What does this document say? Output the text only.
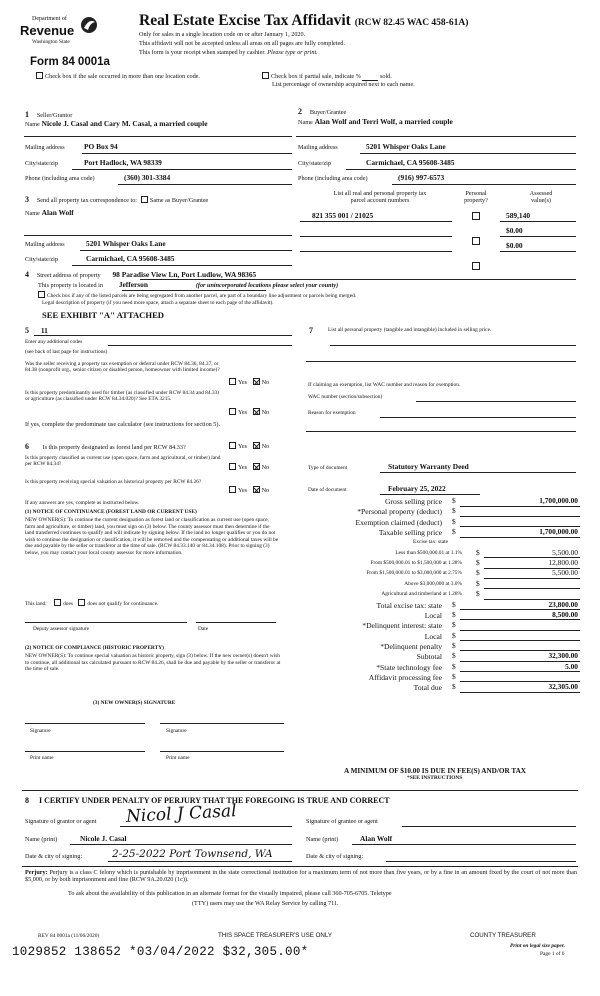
Department of
Revenue
Washington State
Form 84 0001a
Real Estate Excise Tax Affidavit (RCW 82.45 WAC 458-61A)
Only for sales in a single location code on or after January 1, 2020.
This affidavit will not be accepted unless all areas on all pages are fully completed.
This form is your receipt when stamped by cashier. Please type or print.
Check box if the sale occurred in more than one location code.	Check box if partial sale, indicate %	sold.
List percentage of ownership acquired next to each name.
1 Seller/Grantor
Name Nicole J. Casal and Cary M. Casal, a married couple
Mailing address	PO Box 94
City/state/zip	Port Hadlock, WA 98339
Phone (including area code)	(360) 301-3384
2 Buyer/Grantee
Name Alan Wolf and Terri Wolf, a married couple
Mailing address	5201 Whisper Oaks Lane
City/state/zip	Carmichael, CA 95608-3485
Phone (including area code)	(916) 997-6573
3 Send all property tax correspondence to: Same as Buyer/Grantee
Name Alan Wolf
Mailing address	5201 Whisper Oaks Lane
City/state/zip	Carmichael, CA 95608-3485
List all real and personal property tax
parcel account numbers
Personal
property?
Assessed
value(s)
821 355 001 / 21025	589,140
$0.00
$0.00
4 Street address of property 98 Paradise View Ln, Port Ludlow, WA 98365
This property is located in Jefferson	(for unincorporated locations please select your county)
Check box if any of the listed parcels are being segregated from another parcel, are part of a boundary line adjustment or parcels being merged.
Legal description of property (if you need more space, attach a separate sheet to each page of the affidavit).
SEE EXHIBIT "A" ATTACHED
5 11
Enter any additional codes
(see back of last page for instructions)
Was the seller receiving a property tax exemption or deferral under RCW 84.36, 84.37, or 84.38 (nonprofit org., senior citizen or disabled person, homeowner with limited income)?
Yes No
Is this property predominantly used for timber (as classified under RCW 84.34 and 84.33) or agriculture (as classified under RCW 84.34.020)? See ETA 3215.
Yes No
If yes, complete the predominate use calculator (see instructions for section 5).
6 Is this property designated as forest land per RCW 84.33?	Yes No
Is this property classified as current use (open space, farm and agricultural, or timber) land per RCW 84.34?	Yes No
Is this property receiving special valuation as historical property per RCW 84.26?
Yes No
If any answers are yes, complete as instructed below.
(1) NOTICE OF CONTINUANCE (FOREST LAND OR CURRENT USE)
NEW OWNER(S): To continue the current designation as forest land or classification as current use (open space, farm and agriculture, or timber) land, you must sign on (3) below. The county assessor must then determine if the land transferred continues to qualify and will indicate by signing below. If the land no longer qualifies or you do not wish to continue the designation or classification, it will be removed and the compensating or additional taxes will be due and payable by the seller or transferor at the time of sale. (RCW 84.33.140 or 84.34.108). Prior to signing (3) below, you may contact your local county assessor for more information.
This land:	does	does not qualify for continuance.
Deputy assessor signature	Date
(2) NOTICE OF COMPLIANCE (HISTORIC PROPERTY)
NEW OWNER(S): To continue special valuation as historic property, sign (3) below. If the new owner(s) doesn't wish to continue, all additional tax calculated pursuant to RCW 84.26, shall be due and payable by the seller or transferor at the time of sale.
(3) NEW OWNER(S) SIGNATURE
Signature	Signature
Print name	Print name
7	List all personal property (tangible and intangible) included in selling price.
If claiming an exemption, list WAC number and reason for exemption.
WAC number (section/subsection)
Reason for exemption
Type of document	Statutory Warranty Deed
Date of document	February 25, 2022
Gross selling price $	1,700,000.00
*Personal property (deduct) $
Exemption claimed (deduct) $
Taxable selling price $	1,700,000.00
Excise tax: state
Less than $500,000.01 at 1.1% $	5,500.00
From $500,000.01 to $1,500,000 at 1.28% $	12,800.00
From $1,500,000.01 to $3,000,000 at 2.75% $	5,500.00
Above $3,000,000 at 3.0% $
Agricultural and timberland at 1.28% $
Total excise tax: state $	23,800.00
Local $	8,500.00
*Delinquent interest: state $
Local $
*Delinquent penalty $
Subtotal $	32,300.00
*State technology fee $	5.00
Affidavit processing fee $
Total due $	32,305.00
A MINIMUM OF $10.00 IS DUE IN FEE(S) AND/OR TAX
*SEE INSTRUCTIONS
8 I CERTIFY UNDER PENALTY OF PERJURY THAT THE FOREGOING IS TRUE AND CORRECT
Signature of grantor or agent Nicol J Casal	Signature of grantee or agent
Name (print)	Nicole J. Casal	Name (print)	Alan Wolf
Date & city of signing:	2-25-2022 Port Townsend, WA	Date & city of signing:
Perjury: Perjury is a class C felony which is punishable by imprisonment in the state correctional institution for a maximum term of not more than five years, or by a fine in an amount fixed by the court of not more than $5,000, or by both imprisonment and fine (RCW 9A.20.020 (1c)).
To ask about the availability of this publication in an alternate format for the visually impaired, please call 360-705-6705. Teletype
(TTY) users may use the WA Relay Service by calling 711.
REV 84 0001a (11/06/2020)	THIS SPACE TREASURER'S USE ONLY	COUNTY TREASURER
Print on legal size paper.
Page 1 of 6
1029852 138652 *03/04/2022 $32,305.00*
